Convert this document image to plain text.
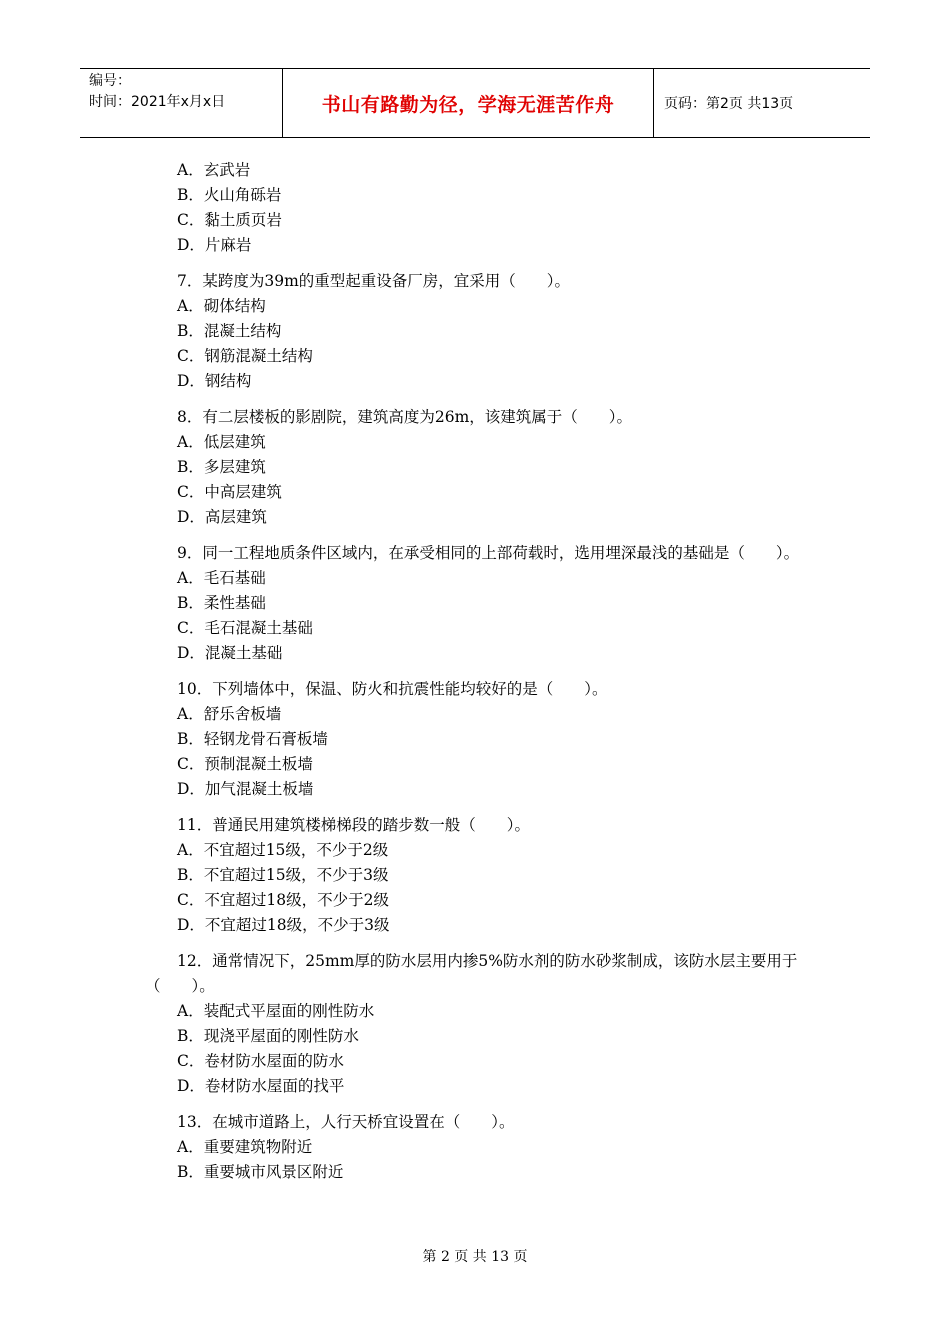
编号：
时间：2021年x月x日	书山有路勤为径，学海无涯苦作舟	页码：第2页 共13页
A．玄武岩
B．火山角砾岩
C．黏土质页岩
D．片麻岩
7．某跨度为39m的重型起重设备厂房，宜采用（　　）。
A．砌体结构
B．混凝土结构
C．钢筋混凝土结构
D．钢结构
8．有二层楼板的影剧院，建筑高度为26m，该建筑属于（　　）。
A．低层建筑
B．多层建筑
C．中高层建筑
D．高层建筑
9．同一工程地质条件区域内，在承受相同的上部荷载时，选用埋深最浅的基础是（　　）。
A．毛石基础
B．柔性基础
C．毛石混凝土基础
D．混凝土基础
10．下列墙体中，保温、防火和抗震性能均较好的是（　　）。
A．舒乐舍板墙
B．轻钢龙骨石膏板墙
C．预制混凝土板墙
D．加气混凝土板墙
11．普通民用建筑楼梯梯段的踏步数一般（　　）。
A．不宜超过15级，不少于2级
B．不宜超过15级，不少于3级
C．不宜超过18级，不少于2级
D．不宜超过18级，不少于3级
12．通常情况下，25mm厚的防水层用内掺5%防水剂的防水砂浆制成，该防水层主要用于（　　）。
A．装配式平屋面的刚性防水
B．现浇平屋面的刚性防水
C．卷材防水屋面的防水
D．卷材防水屋面的找平
13．在城市道路上，人行天桥宜设置在（　　）。
A．重要建筑物附近
B．重要城市风景区附近
第 2 页 共 13 页
